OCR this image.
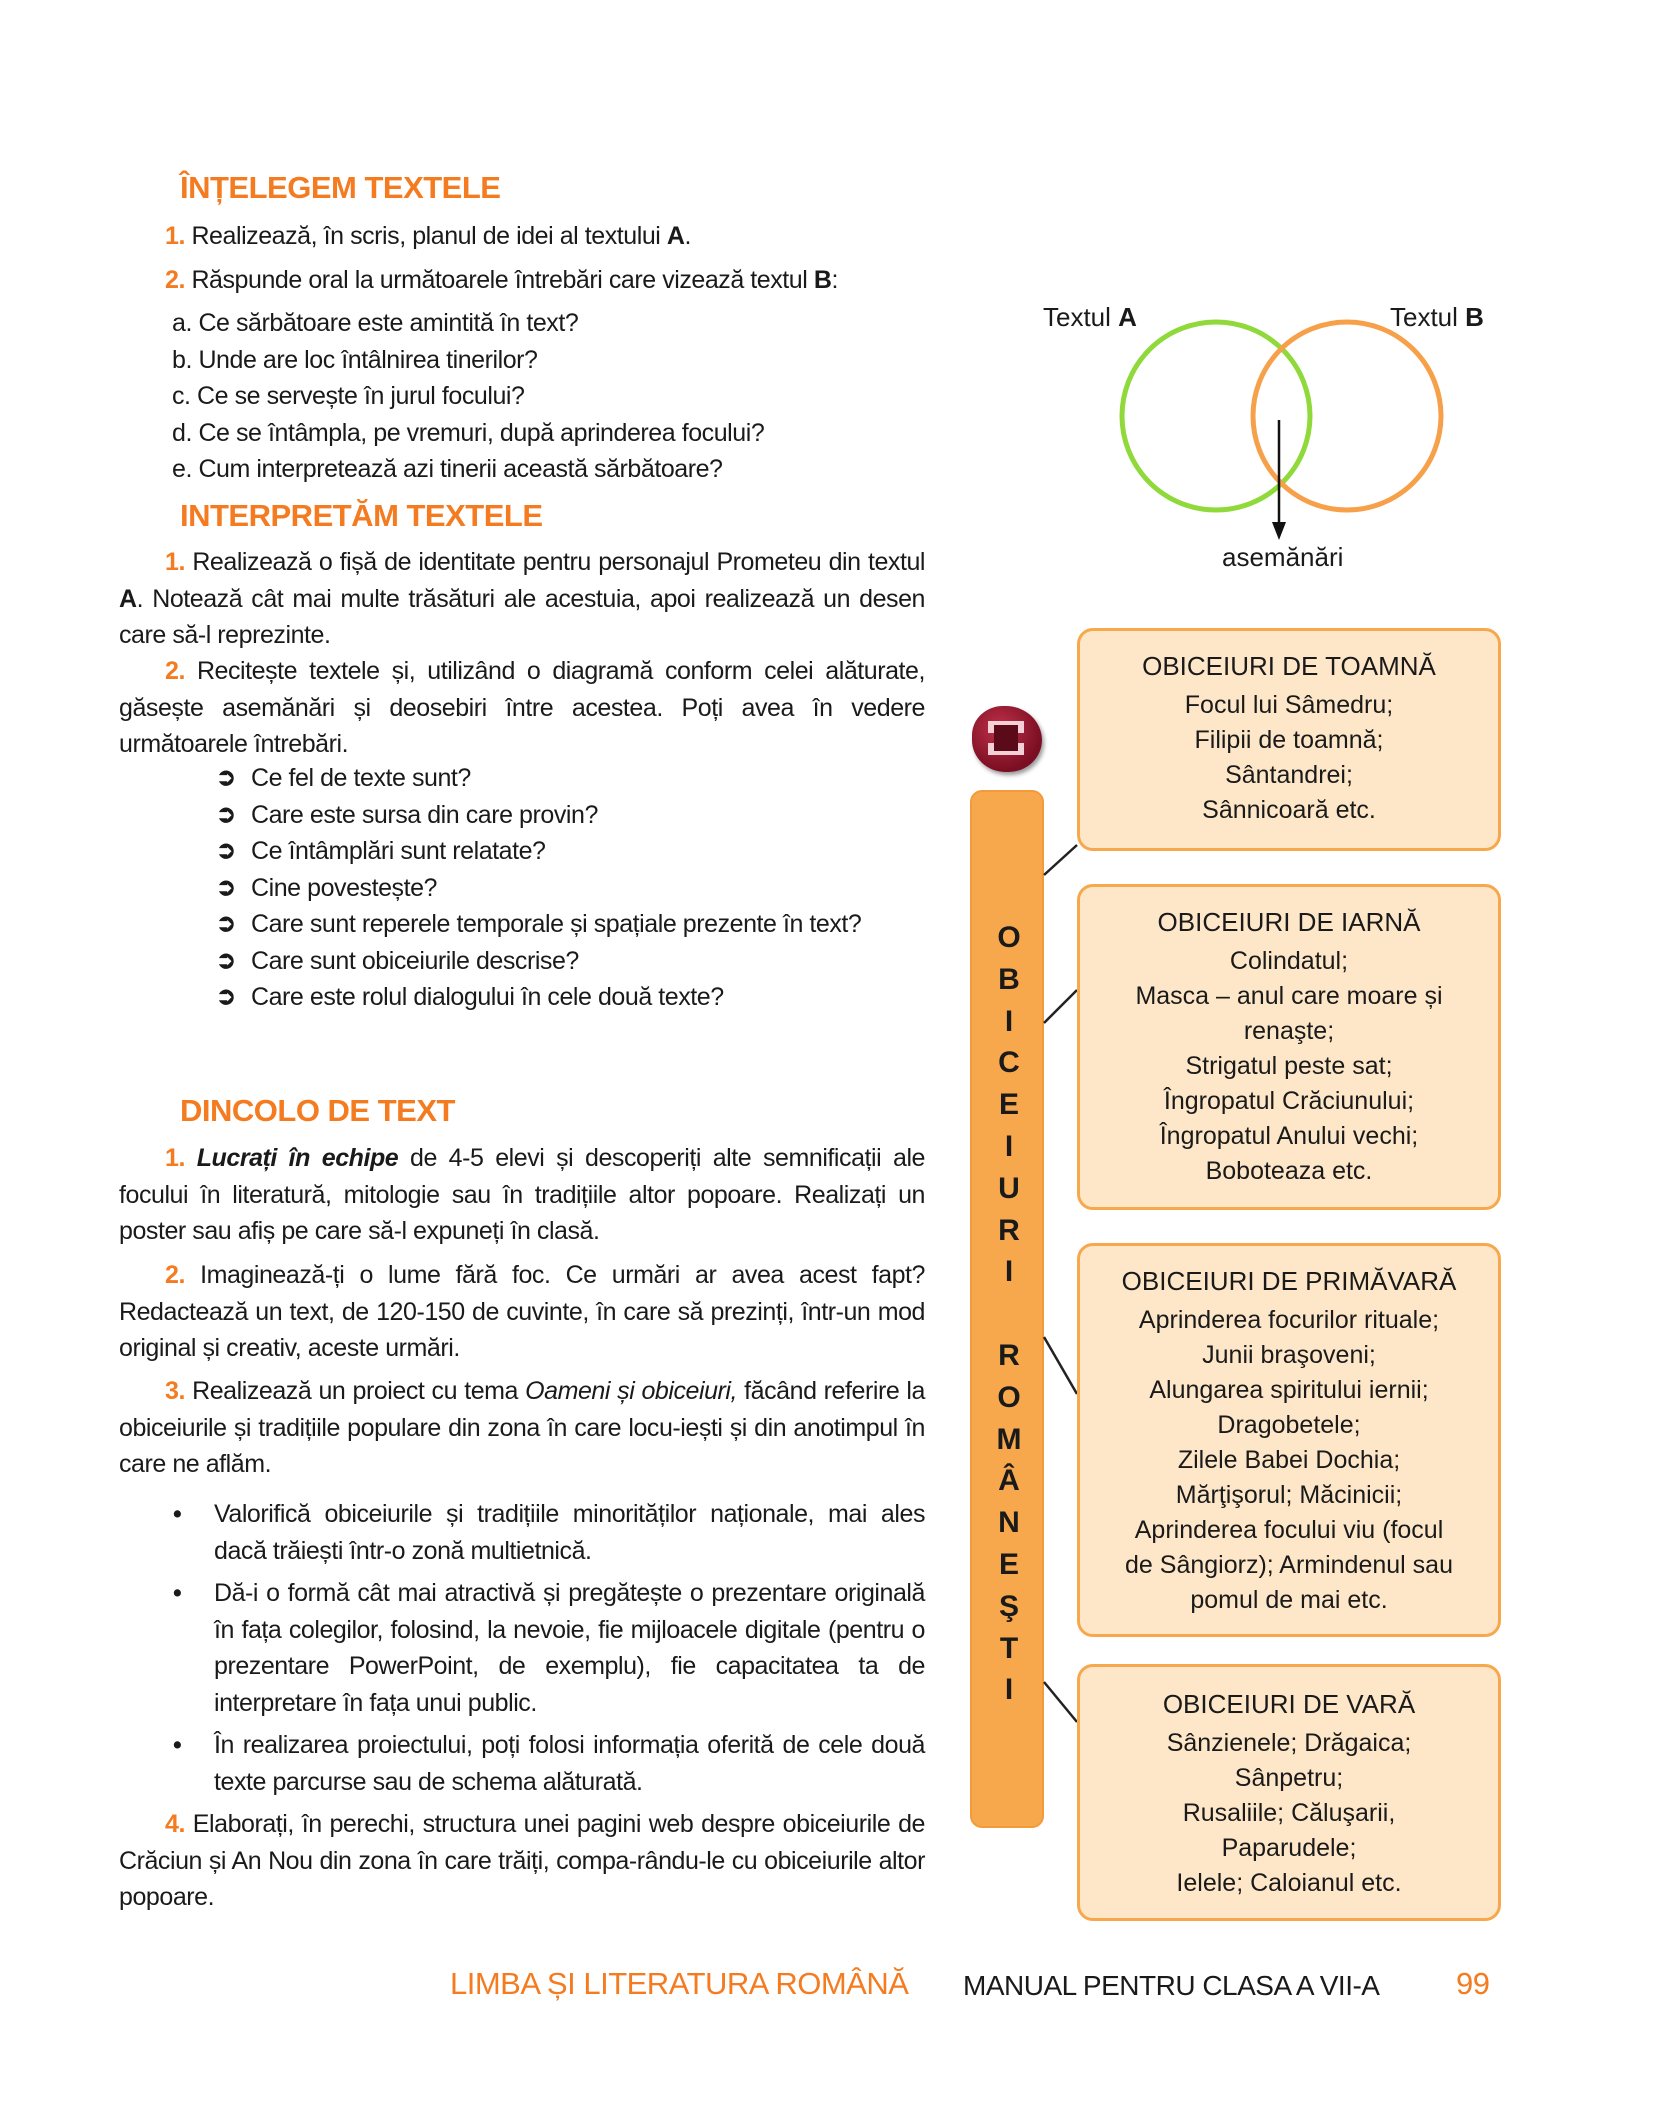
ÎNȚELEGEM TEXTELE
1. Realizează, în scris, planul de idei al textului A.
2. Răspunde oral la următoarele întrebări care vizează textul B:
a. Ce sărbătoare este amintită în text?
b. Unde are loc întâlnirea tinerilor?
c. Ce se servește în jurul focului?
d. Ce se întâmpla, pe vremuri, după aprinderea focului?
e. Cum interpretează azi tinerii această sărbătoare?
INTERPRETĂM TEXTELE
1. Realizează o fișă de identitate pentru personajul Prometeu din textul A. Notează cât mai multe trăsături ale acestuia, apoi realizează un desen care să-l reprezinte.
2. Recitește textele și, utilizând o diagramă conform celei alăturate, găsește asemănări și deosebiri între acestea. Poți avea în vedere următoarele întrebări.
➲ Ce fel de texte sunt?
➲ Care este sursa din care provin?
➲ Ce întâmplări sunt relatate?
➲ Cine povestește?
➲ Care sunt reperele temporale și spațiale prezente în text?
➲ Care sunt obiceiurile descrise?
➲ Care este rolul dialogului în cele două texte?
DINCOLO DE TEXT
1. Lucrați în echipe de 4-5 elevi și descoperiți alte semnificații ale focului în literatură, mitologie sau în tradițiile altor popoare. Realizați un poster sau afiș pe care să-l expuneți în clasă.
2. Imaginează-ți o lume fără foc. Ce urmări ar avea acest fapt? Redactează un text, de 120-150 de cuvinte, în care să prezinți, într-un mod original și creativ, aceste urmări.
3. Realizează un proiect cu tema Oameni și obiceiuri, făcând referire la obiceiurile și tradițiile populare din zona în care locu-iești și din anotimpul în care ne aflăm.
•	Valorifică obiceiurile și tradițiile minorităților naționale, mai ales dacă trăiești într-o zonă multietnică.
•	Dă-i o formă cât mai atractivă și pregătește o prezentare originală în fața colegilor, folosind, la nevoie, fie mijloacele digitale (pentru o prezentare PowerPoint, de exemplu), fie capacitatea ta de interpretare în fața unui public.
•	În realizarea proiectului, poți folosi informația oferită de cele două texte parcurse sau de schema alăturată.
4. Elaborați, în perechi, structura unei pagini web despre obiceiurile de Crăciun și An Nou din zona în care trăiți, compa-rându-le cu obiceiurile altor popoare.
Textul A	Textul B
asemănări
O
B
I
C
E
I
U
R
I
R
O
M
Â
N
E
Ş
T
I
OBICEIURI DE TOAMNĂ
Focul lui Sâmedru;
Filipii de toamnă;
Sântandrei;
Sânnicoară etc.
OBICEIURI DE IARNĂ
Colindatul;
Masca – anul care moare și
renaşte;
Strigatul peste sat;
Îngropatul Crăciunului;
Îngropatul Anului vechi;
Boboteaza etc.
OBICEIURI DE PRIMĂVARĂ
Aprinderea focurilor rituale;
Junii braşoveni;
Alungarea spiritului iernii;
Dragobetele;
Zilele Babei Dochia;
Mărţişorul; Măcinicii;
Aprinderea focului viu (focul
de Sângiorz); Armindenul sau
pomul de mai etc.
OBICEIURI DE VARĂ
Sânzienele; Drăgaica;
Sânpetru;
Rusaliile; Căluşarii,
Paparudele;
Ielele; Caloianul etc.
LIMBA ȘI LITERATURA ROMÂNĂ MANUAL PENTRU CLASA A VII-A 99
